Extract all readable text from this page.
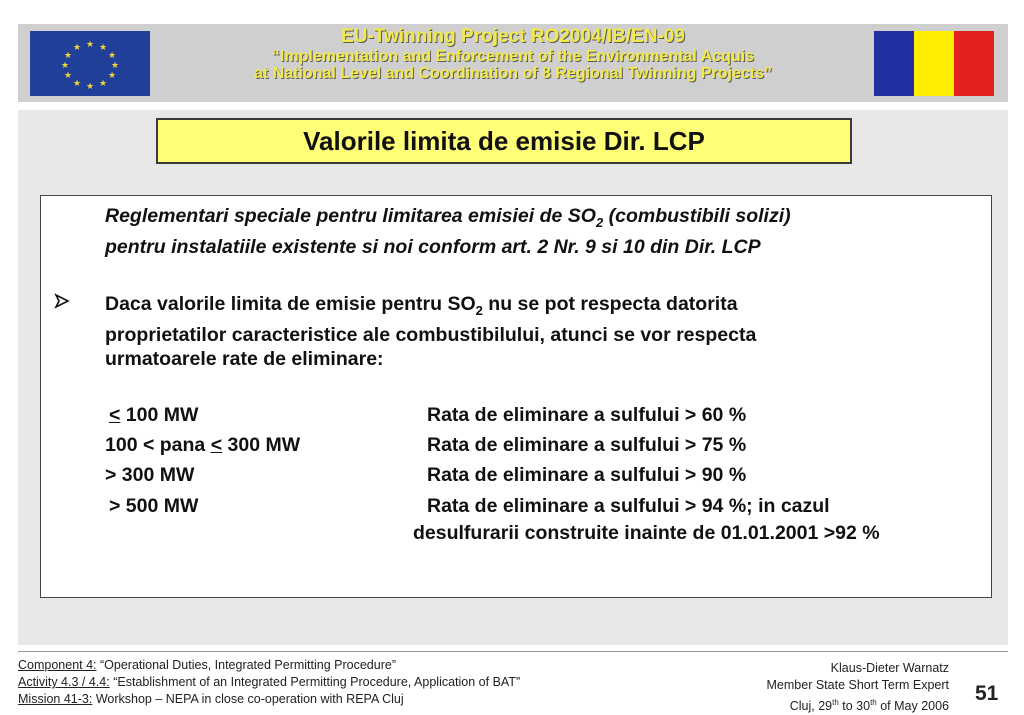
★ ★
★
★
★
★
★
★
★
★
★
★
EU-Twinning Project RO2004/IB/EN-09
“Implementation and Enforcement of the Environmental Acquis
at National Level and Coordination of 8 Regional Twinning Projects”
Valorile limita de emisie Dir. LCP
Reglementari speciale pentru limitarea emisiei de $SO_2$ (combustibili solizi)
pentru instalatiile existente si noi conform art. 2 Nr. 9 si 10 din Dir. LCP
Daca valorile limita de emisie pentru $SO_2$ nu se pot respecta datorita
proprietatilor caracteristice ale combustibilului, atunci se vor respecta
urmatoarele rate de eliminare:
< 100 MW	Rata de eliminare a sulfului > 60 %
100 < pana < 300 MW	Rata de eliminare a sulfului > 75 %
> 300 MW	Rata de eliminare a sulfului > 90 %
> 500 MW	Rata de eliminare a sulfului > 94 %; in cazul
desulfurarii construite inainte de 01.01.2001 >92 %
Component 4: “Operational Duties, Integrated Permitting Procedure”
Activity 4.3 / 4.4: “Establishment of an Integrated Permitting Procedure, Application of BAT”
Mission 41-3: Workshop – NEPA in close co-operation with REPA Cluj
Klaus-Dieter Warnatz
Member State Short Term Expert
Cluj, 29th to 30th of May 2006
51
